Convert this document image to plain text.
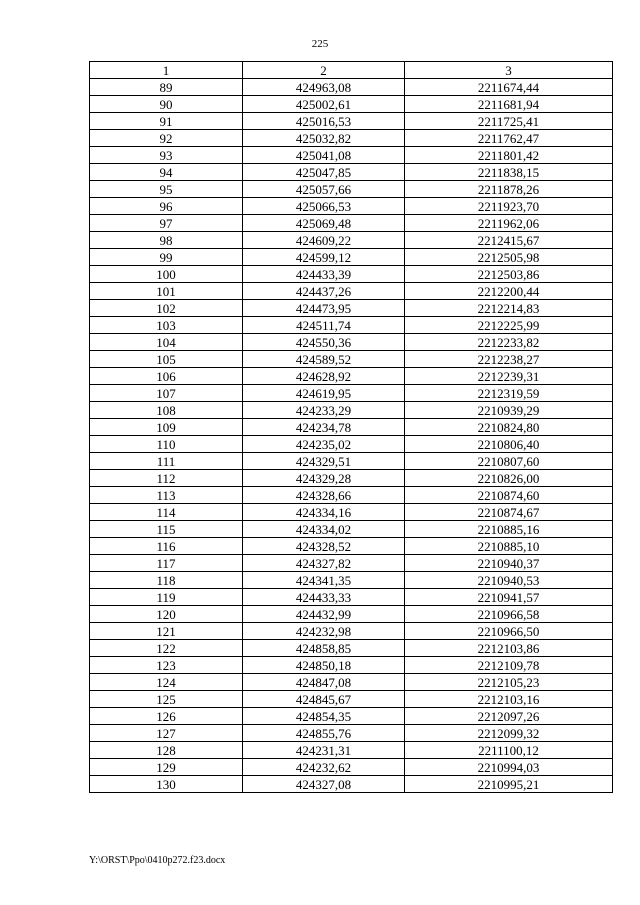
225
1	2	3
89	424963,08	2211674,44
90	425002,61	2211681,94
91	425016,53	2211725,41
92	425032,82	2211762,47
93	425041,08	2211801,42
94	425047,85	2211838,15
95	425057,66	2211878,26
96	425066,53	2211923,70
97	425069,48	2211962,06
98	424609,22	2212415,67
99	424599,12	2212505,98
100	424433,39	2212503,86
101	424437,26	2212200,44
102	424473,95	2212214,83
103	424511,74	2212225,99
104	424550,36	2212233,82
105	424589,52	2212238,27
106	424628,92	2212239,31
107	424619,95	2212319,59
108	424233,29	2210939,29
109	424234,78	2210824,80
110	424235,02	2210806,40
111	424329,51	2210807,60
112	424329,28	2210826,00
113	424328,66	2210874,60
114	424334,16	2210874,67
115	424334,02	2210885,16
116	424328,52	2210885,10
117	424327,82	2210940,37
118	424341,35	2210940,53
119	424433,33	2210941,57
120	424432,99	2210966,58
121	424232,98	2210966,50
122	424858,85	2212103,86
123	424850,18	2212109,78
124	424847,08	2212105,23
125	424845,67	2212103,16
126	424854,35	2212097,26
127	424855,76	2212099,32
128	424231,31	2211100,12
129	424232,62	2210994,03
130	424327,08	2210995,21
Y:\ORST\Ppo\0410p272.f23.docx
